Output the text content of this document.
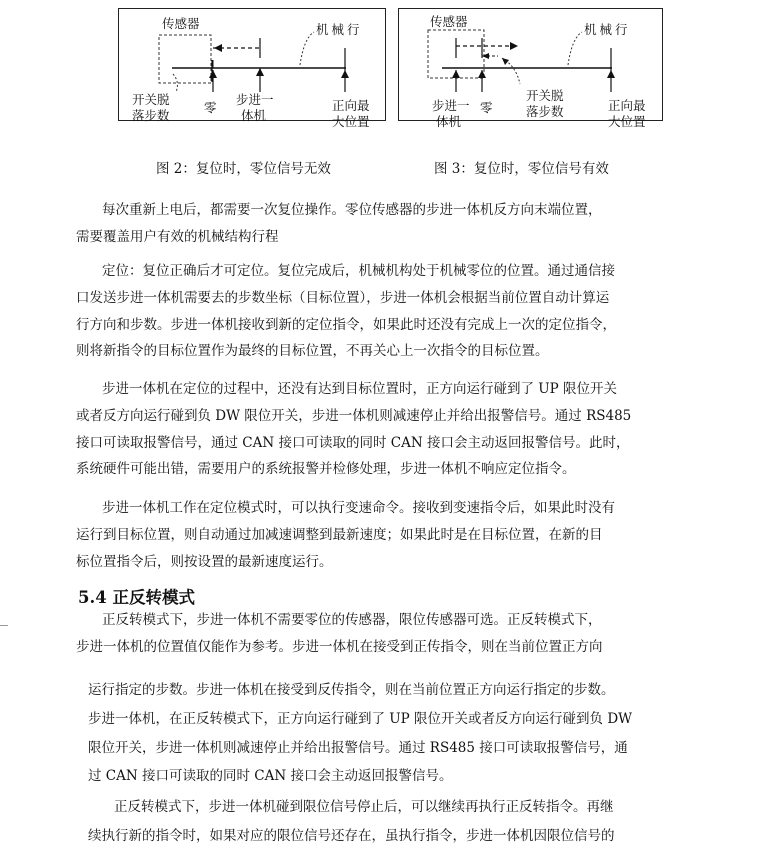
传感器	机械行
开关脱
落步数
零
步进一
体机
正向最
大位置
图 2：复位时，零位信号无效
传感器
机械行
步进一
体机
零
开关脱
落步数	正向最
大位置
图 3：复位时，零位信号有效
每次重新上电后，都需要一次复位操作。零位传感器的步进一体机反方向末端位置，
需要覆盖用户有效的机械结构行程
定位：复位正确后才可定位。复位完成后，机械机构处于机械零位的位置。通过通信接
口发送步进一体机需要去的步数坐标（目标位置），步进一体机会根据当前位置自动计算运
行方向和步数。步进一体机接收到新的定位指令，如果此时还没有完成上一次的定位指令，
则将新指令的目标位置作为最终的目标位置，不再关心上一次指令的目标位置。
步进一体机在定位的过程中，还没有达到目标位置时，正方向运行碰到了 UP 限位开关
或者反方向运行碰到负 DW 限位开关，步进一体机则减速停止并给出报警信号。通过 RS485
接口可读取报警信号，通过 CAN 接口可读取的同时 CAN 接口会主动返回报警信号。此时，
系统硬件可能出错，需要用户的系统报警并检修处理，步进一体机不响应定位指令。
步进一体机工作在定位模式时，可以执行变速命令。接收到变速指令后，如果此时没有
运行到目标位置，则自动通过加减速调整到最新速度；如果此时是在目标位置，在新的目
标位置指令后，则按设置的最新速度运行。
5.4 正反转模式
正反转模式下，步进一体机不需要零位的传感器，限位传感器可选。正反转模式下，
步进一体机的位置值仅能作为参考。步进一体机在接受到正传指令，则在当前位置正方向
运行指定的步数。步进一体机在接受到反传指令，则在当前位置正方向运行指定的步数。
步进一体机，在正反转模式下，正方向运行碰到了 UP 限位开关或者反方向运行碰到负 DW
限位开关，步进一体机则减速停止并给出报警信号。通过 RS485 接口可读取报警信号，通
过 CAN 接口可读取的同时 CAN 接口会主动返回报警信号。
正反转模式下，步进一体机碰到限位信号停止后，可以继续再执行正反转指令。再继
续执行新的指令时，如果对应的限位信号还存在，虽执行指令，步进一体机因限位信号的
